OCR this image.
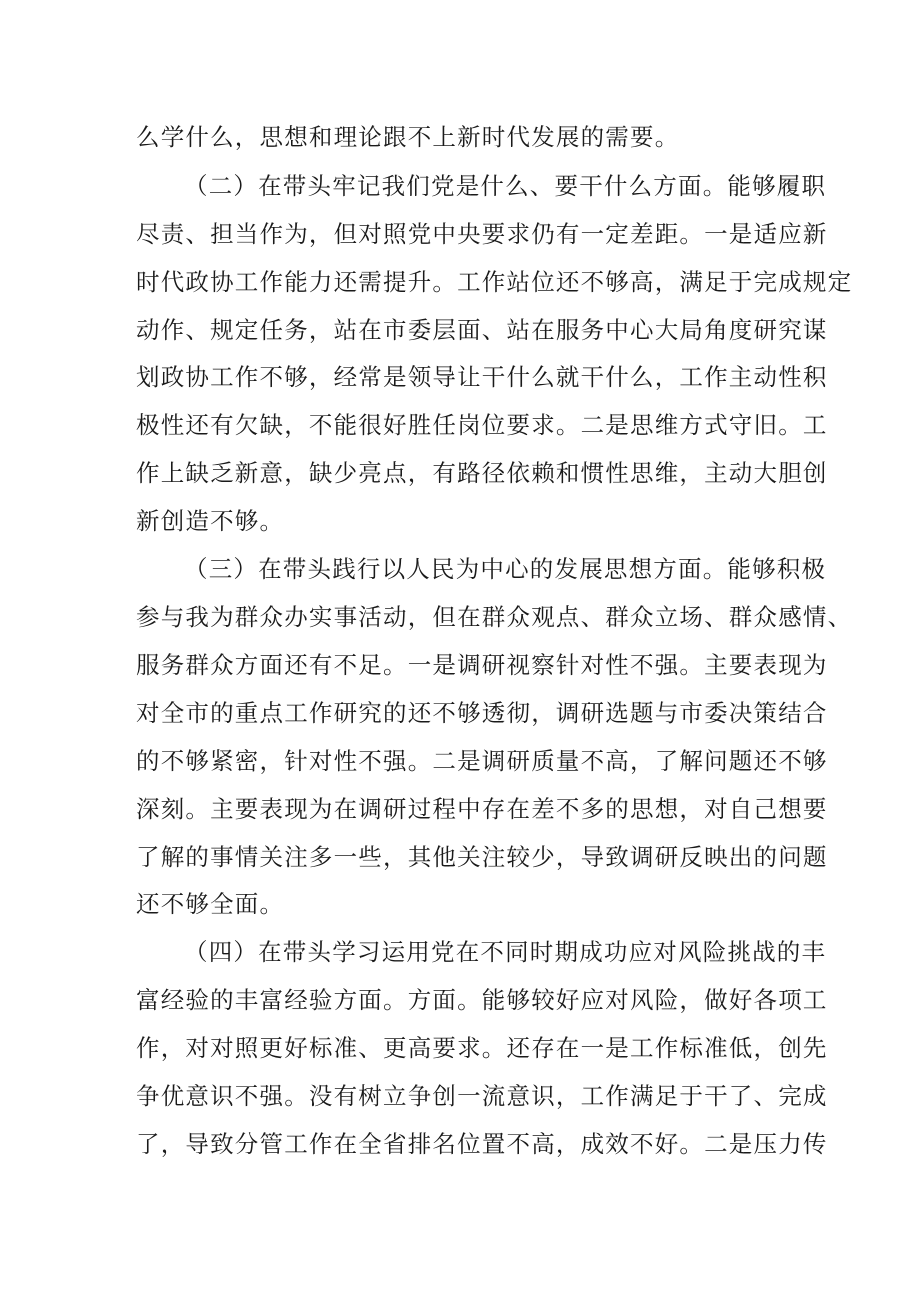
么学什么，思想和理论跟不上新时代发展的需要。
（二）在带头牢记我们党是什么、要干什么方面。能够履职
尽责、担当作为，但对照党中央要求仍有一定差距。一是适应新
时代政协工作能力还需提升。工作站位还不够高，满足于完成规定
动作、规定任务，站在市委层面、站在服务中心大局角度研究谋
划政协工作不够，经常是领导让干什么就干什么，工作主动性积
极性还有欠缺，不能很好胜任岗位要求。二是思维方式守旧。工
作上缺乏新意，缺少亮点，有路径依赖和惯性思维，主动大胆创
新创造不够。
（三）在带头践行以人民为中心的发展思想方面。能够积极
参与我为群众办实事活动，但在群众观点、群众立场、群众感情、
服务群众方面还有不足。一是调研视察针对性不强。主要表现为
对全市的重点工作研究的还不够透彻，调研选题与市委决策结合
的不够紧密，针对性不强。二是调研质量不高，了解问题还不够
深刻。主要表现为在调研过程中存在差不多的思想，对自己想要
了解的事情关注多一些，其他关注较少，导致调研反映出的问题
还不够全面。
（四）在带头学习运用党在不同时期成功应对风险挑战的丰
富经验的丰富经验方面。方面。能够较好应对风险，做好各项工
作，对对照更好标准、更高要求。还存在一是工作标准低，创先
争优意识不强。没有树立争创一流意识，工作满足于干了、完成
了，导致分管工作在全省排名位置不高，成效不好。二是压力传
